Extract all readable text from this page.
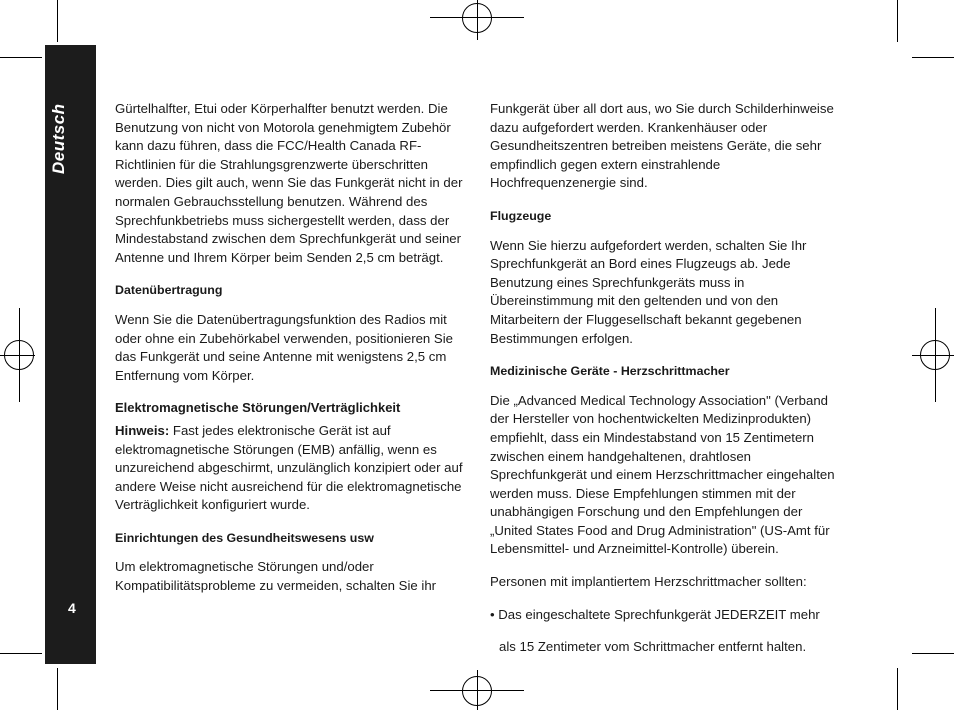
Deutsch
4

Gürtelhalfter, Etui oder Körperhalfter benutzt werden. Die Benutzung von nicht von Motorola genehmigtem Zubehör kann dazu führen, dass die FCC/Health Canada RF-Richtlinien für die Strahlungsgrenzwerte überschritten werden. Dies gilt auch, wenn Sie das Funkgerät nicht in der normalen Gebrauchsstellung benutzen. Während des Sprechfunkbetriebs muss sichergestellt werden, dass der Mindestabstand zwischen dem Sprechfunkgerät und seiner Antenne und Ihrem Körper beim Senden 2,5 cm beträgt.

Datenübertragung

Wenn Sie die Datenübertragungsfunktion des Radios mit oder ohne ein Zubehörkabel verwenden, positionieren Sie das Funkgerät und seine Antenne mit wenigstens 2,5 cm Entfernung vom Körper.

Elektromagnetische Störungen/Verträglichkeit

Hinweis: Fast jedes elektronische Gerät ist auf elektromagnetische Störungen (EMB) anfällig, wenn es unzureichend abgeschirmt, unzulänglich konzipiert oder auf andere Weise nicht ausreichend für die elektromagnetische Verträglichkeit konfiguriert wurde.

Einrichtungen des Gesundheitswesens usw

Um elektromagnetische Störungen und/oder Kompatibilitätsprobleme zu vermeiden, schalten Sie ihr

Funkgerät über all dort aus, wo Sie durch Schilderhinweise dazu aufgefordert werden. Krankenhäuser oder Gesundheitszentren betreiben meistens Geräte, die sehr empfindlich gegen extern einstrahlende Hochfrequenzenergie sind.

Flugzeuge

Wenn Sie hierzu aufgefordert werden, schalten Sie Ihr Sprechfunkgerät an Bord eines Flugzeugs ab. Jede Benutzung eines Sprechfunkgeräts muss in Übereinstimmung mit den geltenden und von den Mitarbeitern der Fluggesellschaft bekannt gegebenen Bestimmungen erfolgen.

Medizinische Geräte - Herzschrittmacher

Die „Advanced Medical Technology Association" (Verband der Hersteller von hochentwickelten Medizinprodukten) empfiehlt, dass ein Mindestabstand von 15 Zentimetern zwischen einem handgehaltenen, drahtlosen Sprechfunkgerät und einem Herzschrittmacher eingehalten werden muss. Diese Empfehlungen stimmen mit der unabhängigen Forschung und den Empfehlungen der „United States Food and Drug Administration" (US-Amt für Lebensmittel- und Arzneimittel-Kontrolle) überein.

Personen mit implantiertem Herzschrittmacher sollten:

• Das eingeschaltete Sprechfunkgerät JEDERZEIT mehr

als 15 Zentimeter vom Schrittmacher entfernt halten.
